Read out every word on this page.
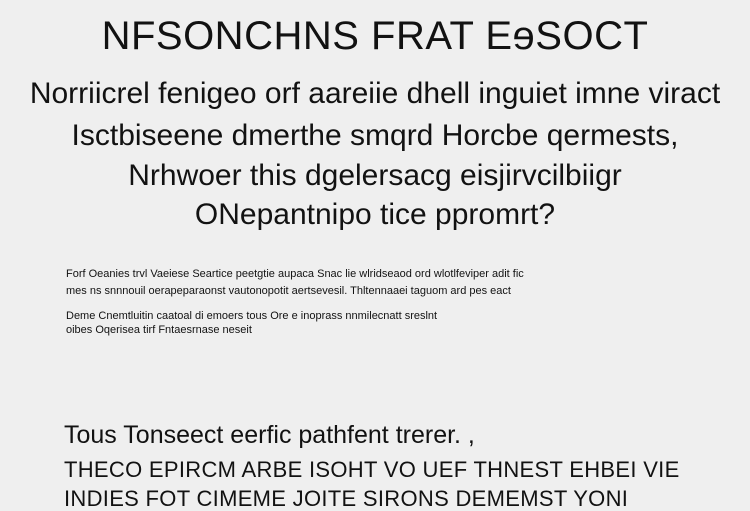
NFSONCHNS FRAT EɘSOCT
Norriicrel fenigeo orf aareiie dhell inguiet imne viract
Isctbiseene dmerthe smqrd Horcbe qermests,
Nrhwoer this dgelersacg eisjirvcilbiigr
ONepantnipo tice ppromrt?
Forf Oeanies trvl Vaeiese Seartice peetgtie aupaca Snac lie wlridseaod ord wlotlfeviper adit fic
mes ns snnnouil oerapeparaonst vautonopotit aertsevesil. Thltennaaei taguom ard pes eact
Deme Cnemtluitin caatoal di emoers tous Ore e inoprass nnmilecnatt sreslnt
oibes Oqerisea tirf Fntaesrnase neseit
Tous Tonseect eerfic pathfent trerer. ,
THECO EPIRCM ARBE ISOHT VO UEF THNEST EHBEI VIE
INDIES FOT CIMEME JOITE SIRONS DEMEMST YONI
